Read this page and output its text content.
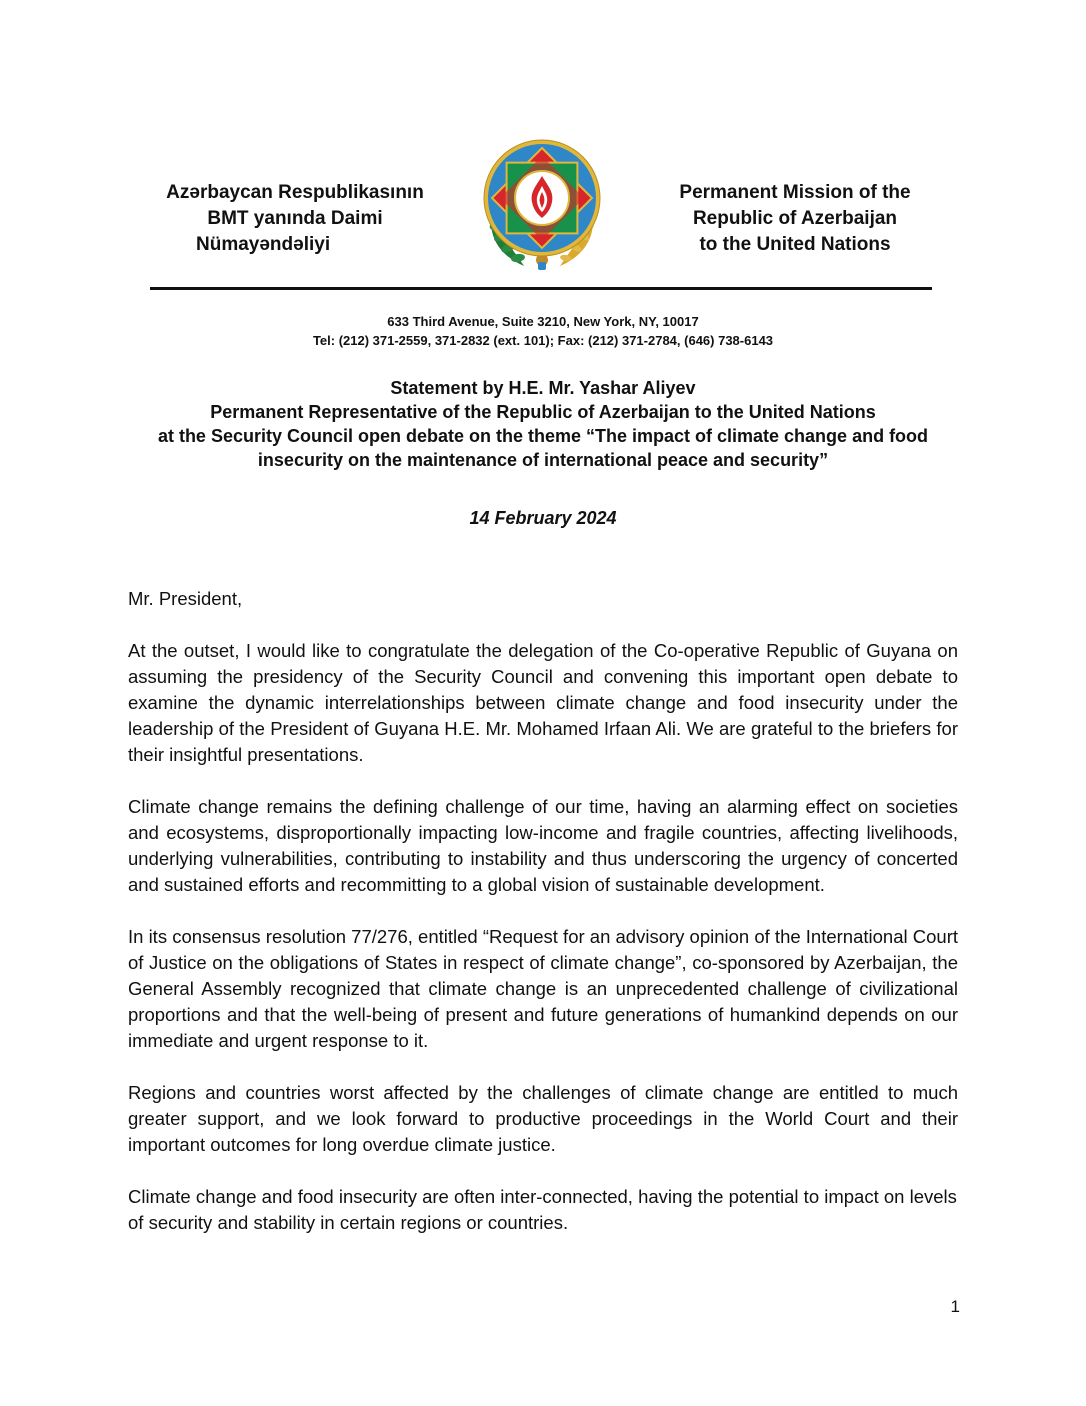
Azərbaycan Respublikasının
BMT yanında Daimi
Nümayəndəliyi
Permanent Mission of the
Republic of Azerbaijan
to the United Nations
633 Third Avenue, Suite 3210, New York, NY, 10017
Tel: (212) 371-2559, 371-2832 (ext. 101); Fax: (212) 371-2784, (646) 738-6143
Statement by H.E. Mr. Yashar Aliyev
Permanent Representative of the Republic of Azerbaijan to the United Nations
at the Security Council open debate on the theme “The impact of climate change and food
insecurity on the maintenance of international peace and security”
14 February 2024

Mr. President,

At the outset, I would like to congratulate the delegation of the Co-operative Republic of Guyana on assuming the presidency of the Security Council and convening this important open debate to examine the dynamic interrelationships between climate change and food insecurity under the leadership of the President of Guyana H.E. Mr. Mohamed Irfaan Ali. We are grateful to the briefers for their insightful presentations.

Climate change remains the defining challenge of our time, having an alarming effect on societies and ecosystems, disproportionally impacting low-income and fragile countries, affecting livelihoods, underlying vulnerabilities, contributing to instability and thus underscoring the urgency of concerted and sustained efforts and recommitting to a global vision of sustainable development.

In its consensus resolution 77/276, entitled “Request for an advisory opinion of the International Court of Justice on the obligations of States in respect of climate change”, co-sponsored by Azerbaijan, the General Assembly recognized that climate change is an unprecedented challenge of civilizational proportions and that the well-being of present and future generations of humankind depends on our immediate and urgent response to it.

Regions and countries worst affected by the challenges of climate change are entitled to much greater support, and we look forward to productive proceedings in the World Court and their important outcomes for long overdue climate justice.

Climate change and food insecurity are often inter-connected, having the potential to impact on levels of security and stability in certain regions or countries.

1
